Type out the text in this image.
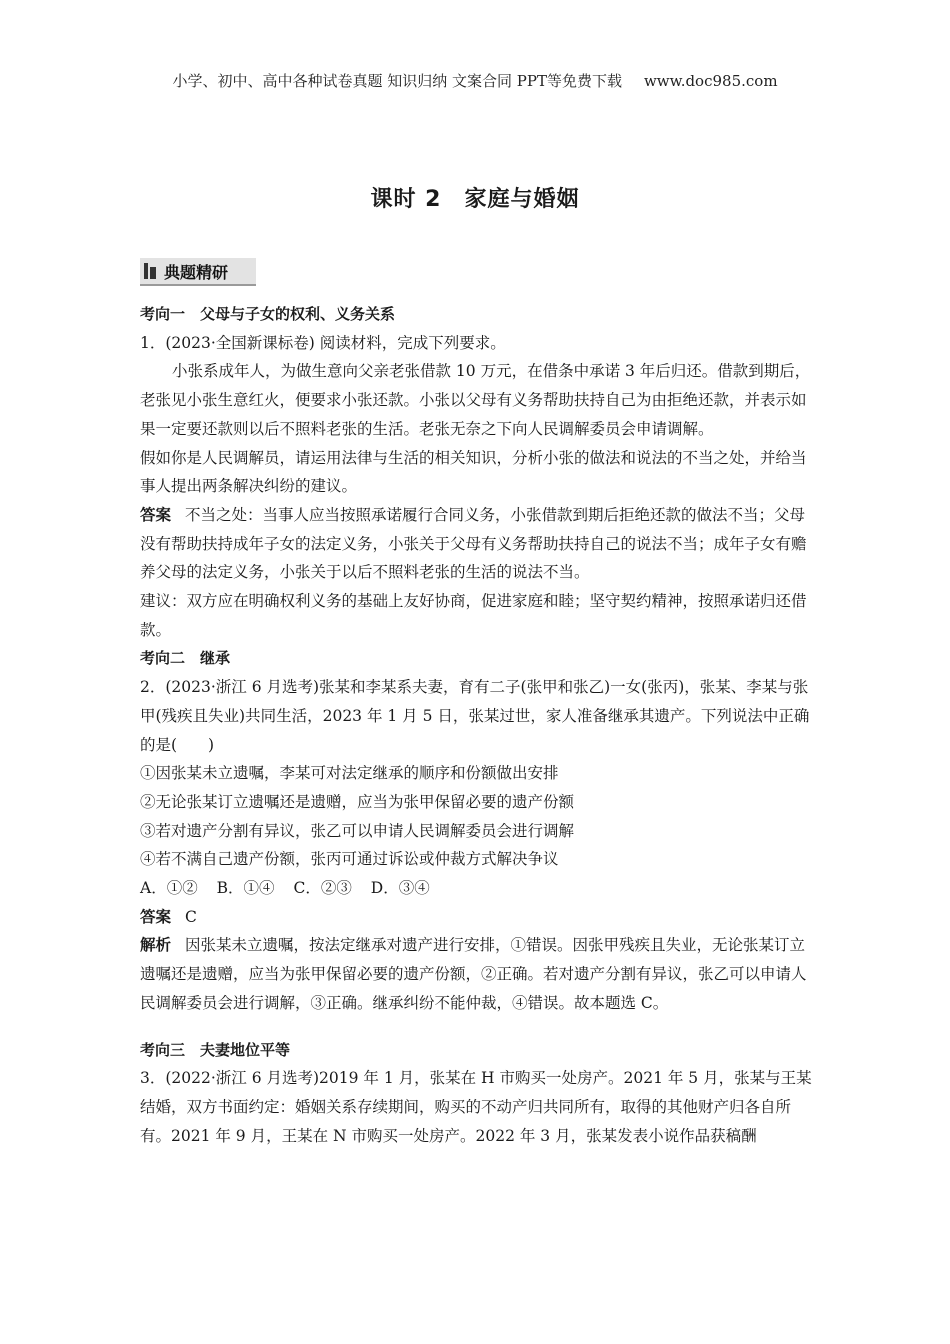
小学、初中、高中各种试卷真题 知识归纳 文案合同 PPT等免费下载 www.doc985.com
课时 2　家庭与婚姻
典题精研

考向一　父母与子女的权利、义务关系

1．(2023·全国新课标卷) 阅读材料，完成下列要求。

小张系成年人，为做生意向父亲老张借款 10 万元，在借条中承诺 3 年后归还。借款到期后，老张见小张生意红火，便要求小张还款。小张以父母有义务帮助扶持自己为由拒绝还款，并表示如果一定要还款则以后不照料老张的生活。老张无奈之下向人民调解委员会申请调解。

假如你是人民调解员，请运用法律与生活的相关知识，分析小张的做法和说法的不当之处，并给当事人提出两条解决纠纷的建议。

答案 不当之处：当事人应当按照承诺履行合同义务，小张借款到期后拒绝还款的做法不当；父母没有帮助扶持成年子女的法定义务，小张关于父母有义务帮助扶持自己的说法不当；成年子女有赡养父母的法定义务，小张关于以后不照料老张的生活的说法不当。

建议：双方应在明确权利义务的基础上友好协商，促进家庭和睦；坚守契约精神，按照承诺归还借款。

考向二　继承

2．(2023·浙江 6 月选考)张某和李某系夫妻，育有二子(张甲和张乙)一女(张丙)，张某、李某与张甲(残疾且失业)共同生活，2023 年 1 月 5 日，张某过世，家人准备继承其遗产。下列说法中正确的是(　　)

①因张某未立遗嘱，李某可对法定继承的顺序和份额做出安排

②无论张某订立遗嘱还是遗赠，应当为张甲保留必要的遗产份额

③若对遗产分割有异议，张乙可以申请人民调解委员会进行调解

④若不满自己遗产份额，张丙可通过诉讼或仲裁方式解决争议

A．①② B．①④ C．②③ D．③④

答案 C

解析 因张某未立遗嘱，按法定继承对遗产进行安排，①错误。因张甲残疾且失业，无论张某订立遗嘱还是遗赠，应当为张甲保留必要的遗产份额，②正确。若对遗产分割有异议，张乙可以申请人民调解委员会进行调解，③正确。继承纠纷不能仲裁，④错误。故本题选 C。

考向三　夫妻地位平等

3．(2022·浙江 6 月选考)2019 年 1 月，张某在 H 市购买一处房产。2021 年 5 月，张某与王某结婚，双方书面约定：婚姻关系存续期间，购买的不动产归共同所有，取得的其他财产归各自所有。2021 年 9 月，王某在 N 市购买一处房产。2022 年 3 月，张某发表小说作品获稿酬
